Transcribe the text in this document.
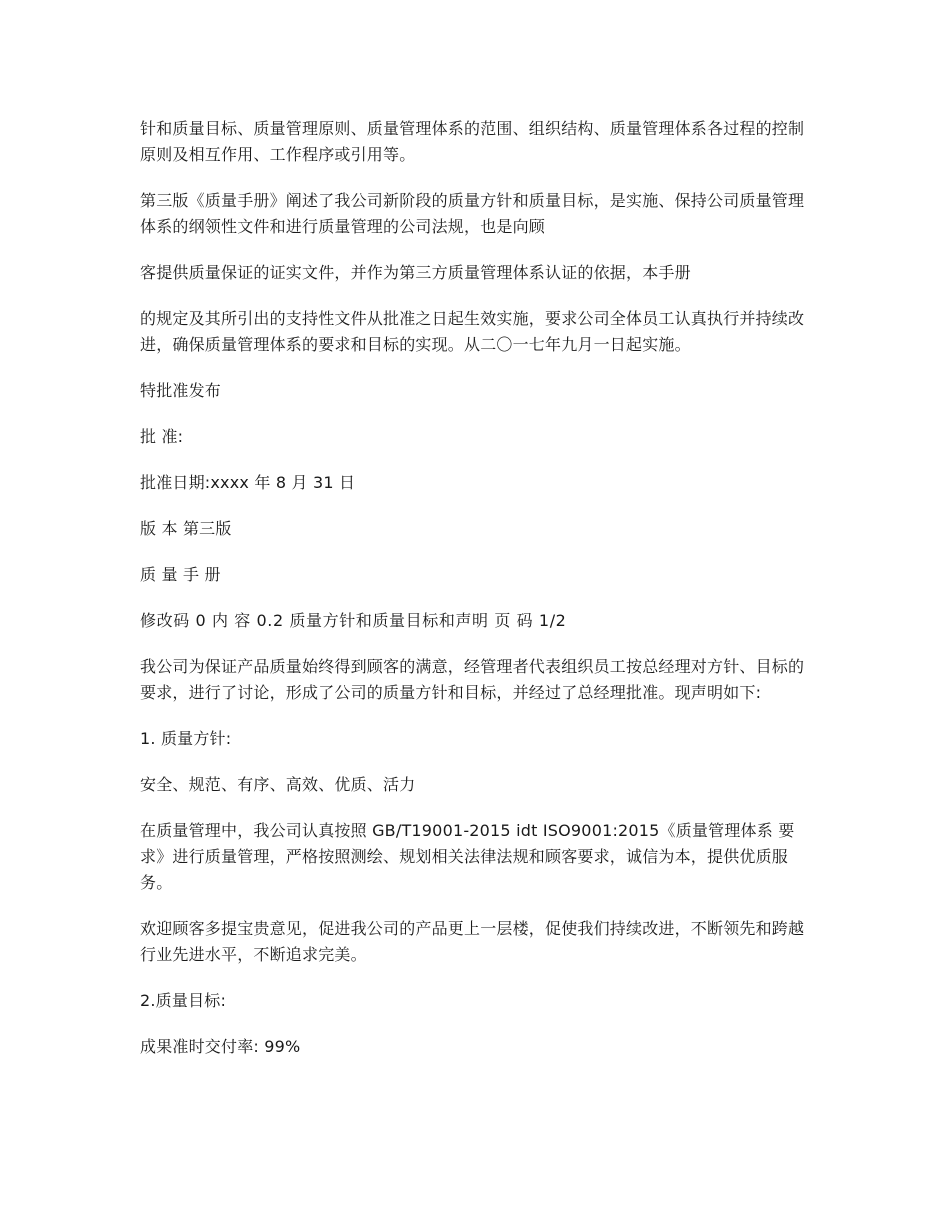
针和质量目标、质量管理原则、质量管理体系的范围、组织结构、质量管理体系各过程的控制原则及相互作用、工作程序或引用等。

第三版《质量手册》阐述了我公司新阶段的质量方针和质量目标，是实施、保持公司质量管理体系的纲领性文件和进行质量管理的公司法规，也是向顾

客提供质量保证的证实文件，并作为第三方质量管理体系认证的依据，本手册

的规定及其所引出的支持性文件从批准之日起生效实施，要求公司全体员工认真执行并持续改进，确保质量管理体系的要求和目标的实现。从二〇一七年九月一日起实施。

特批准发布

批 准:

批准日期:xxxx 年 8 月 31 日

版 本 第三版

质 量 手 册

修改码 0 内 容 0.2 质量方针和质量目标和声明 页 码 1/2

我公司为保证产品质量始终得到顾客的满意，经管理者代表组织员工按总经理对方针、目标的要求，进行了讨论，形成了公司的质量方针和目标，并经过了总经理批准。现声明如下:

1. 质量方针:

安全、规范、有序、高效、优质、活力

在质量管理中，我公司认真按照 GB/T19001-2015 idt ISO9001:2015《质量管理体系 要求》进行质量管理，严格按照测绘、规划相关法律法规和顾客要求，诚信为本，提供优质服务。

欢迎顾客多提宝贵意见，促进我公司的产品更上一层楼，促使我们持续改进，不断领先和跨越行业先进水平，不断追求完美。

2.质量目标:

成果准时交付率: 99%
